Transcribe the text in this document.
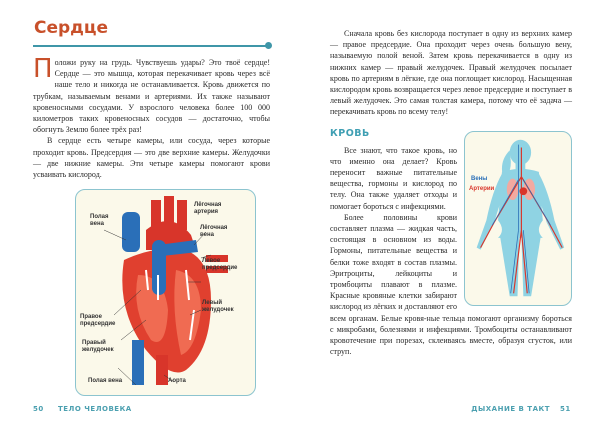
Сердце

Положи руку на грудь. Чувствуешь удары? Это твоё сердце! Сердце — это мышца, которая перекачивает кровь через всё наше тело и никогда не останавливается. Кровь движется по трубкам, называемым венами и артериями. Их также называют кровеносными сосудами. У взрослого человека более 100 000 километров таких кровеносных сосудов — достаточно, чтобы обогнуть Землю более трёх раз!

В сердце есть четыре камеры, или сосуда, через которые проходит кровь. Предсердия — это две верхние камеры. Желудочки — две нижние камеры. Эти четыре камеры помогают крови усваивать кислород.

Полая вена
Лёгочная артерия
Лёгочная вена
Левое предсердие
Левый желудочек
Правое предсердие
Правый желудочек
Полая вена	Аорта
50 ТЕЛО ЧЕЛОВЕКА

Сначала кровь без кислорода поступает в одну из верхних камер — правое предсердие. Она проходит через очень большую вену, называемую полой веной. Затем кровь перекачивается в одну из нижних камер — правый желудочек. Правый желудочек посылает кровь по артериям в лёгкие, где она поглощает кислород. Насыщенная кислородом кровь возвращается через левое предсердие и поступает в левый желудочек. Это самая толстая камера, потому что её задача — перекачивать кровь по всему телу!

КРОВЬ
Вены
Артерии

Все знают, что такое кровь, но что именно она делает? Кровь переносит важные питательные вещества, гормоны и кислород по телу. Она также удаляет отходы и помогает бороться с инфекциями.

Более половины крови составляет плазма — жидкая часть, состоящая в основном из воды. Гормоны, питательные вещества и белки тоже входят в состав плазмы. Эритроциты, лейкоциты и тромбоциты плавают в плазме. Красные кровяные клетки забирают кислород из лёгких и доставляют его всем органам. Белые кровя-ные тельца помогают организму бороться с микробами, болезнями и инфекциями. Тромбоциты останавливают кровотечение при порезах, склеиваясь вместе, образуя сгусток, или струп.

ДЫХАНИЕ В ТАКТ 51
